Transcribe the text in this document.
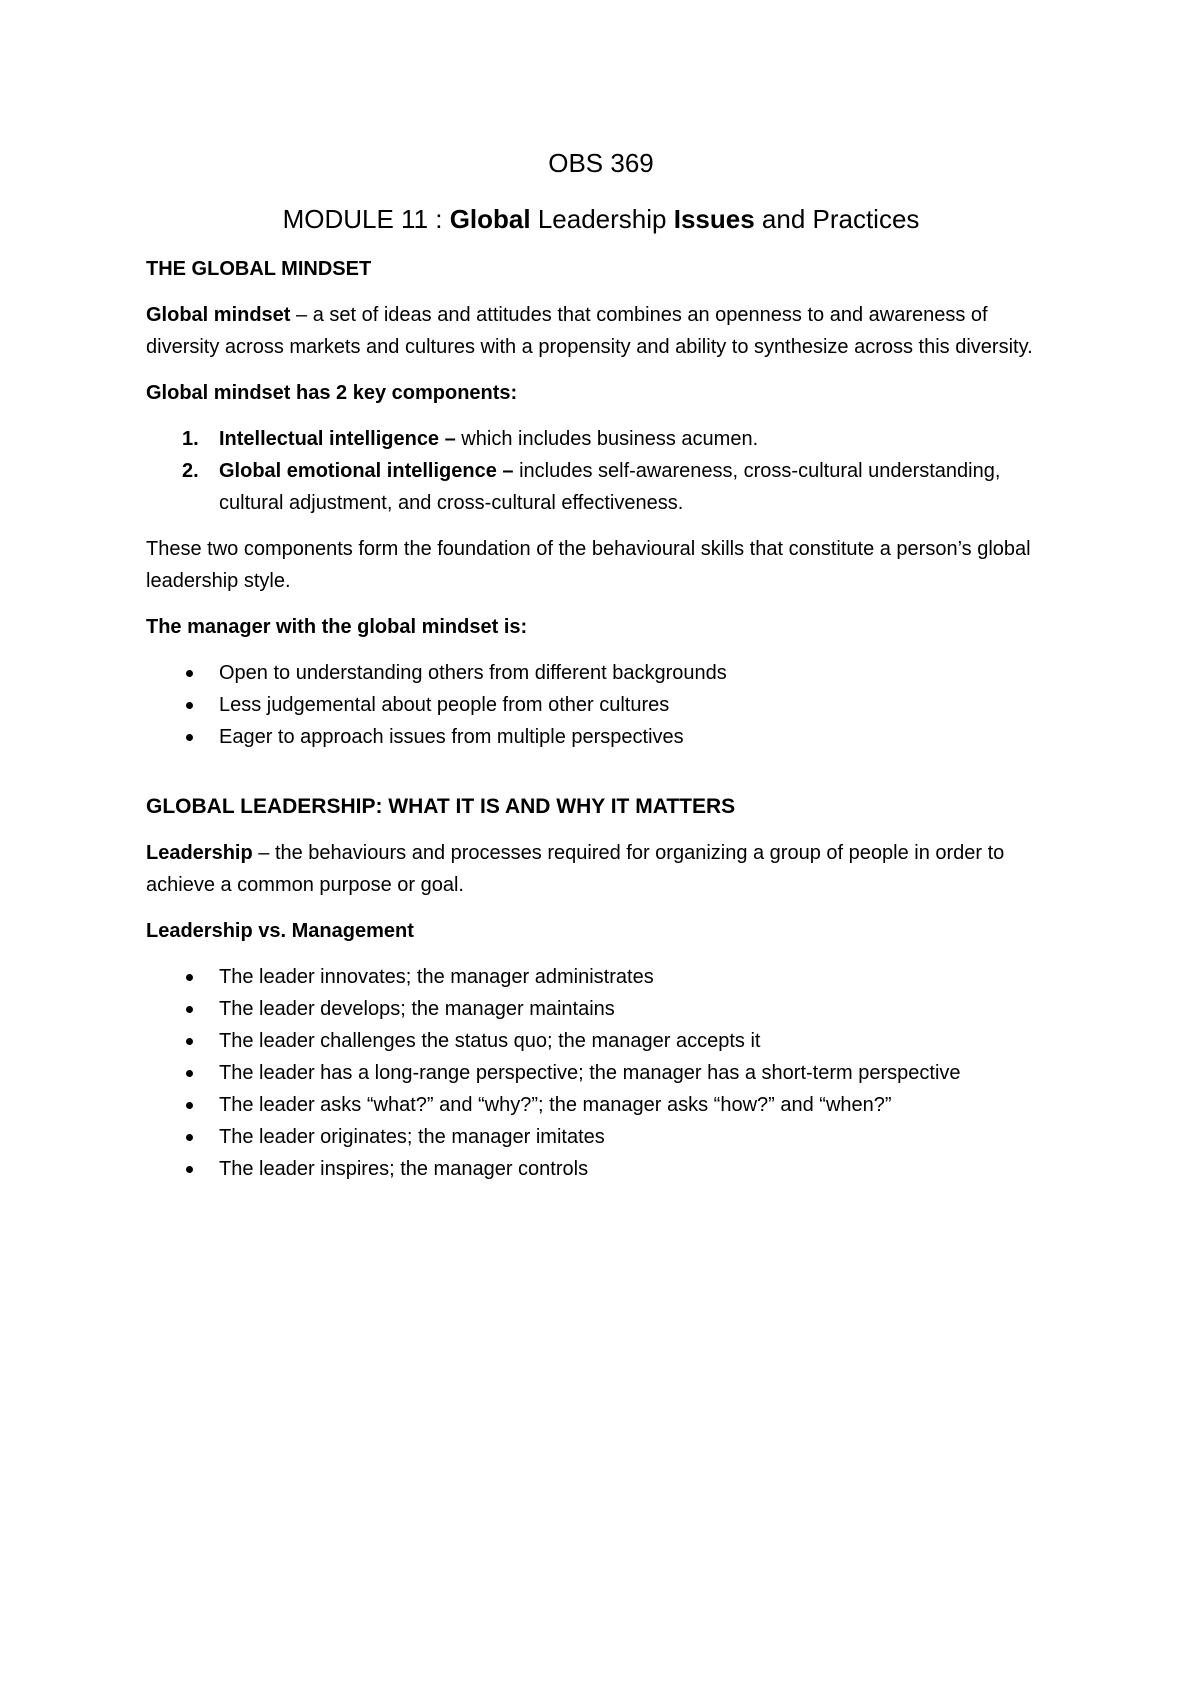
OBS 369
MODULE 11 : Global Leadership Issues and Practices
THE GLOBAL MINDSET

Global mindset – a set of ideas and attitudes that combines an openness to and awareness of diversity across markets and cultures with a propensity and ability to synthesize across this diversity.

Global mindset has 2 key components:

1. Intellectual intelligence – which includes business acumen.
2. Global emotional intelligence – includes self-awareness, cross-cultural understanding, cultural adjustment, and cross-cultural effectiveness.

These two components form the foundation of the behavioural skills that constitute a person’s global leadership style.

The manager with the global mindset is:

Open to understanding others from different backgrounds
Less judgemental about people from other cultures
Eager to approach issues from multiple perspectives
GLOBAL LEADERSHIP: WHAT IT IS AND WHY IT MATTERS

Leadership – the behaviours and processes required for organizing a group of people in order to achieve a common purpose or goal.

Leadership vs. Management

The leader innovates; the manager administrates
The leader develops; the manager maintains
The leader challenges the status quo; the manager accepts it
The leader has a long-range perspective; the manager has a short-term perspective
The leader asks “what?” and “why?”; the manager asks “how?” and “when?”
The leader originates; the manager imitates
The leader inspires; the manager controls
